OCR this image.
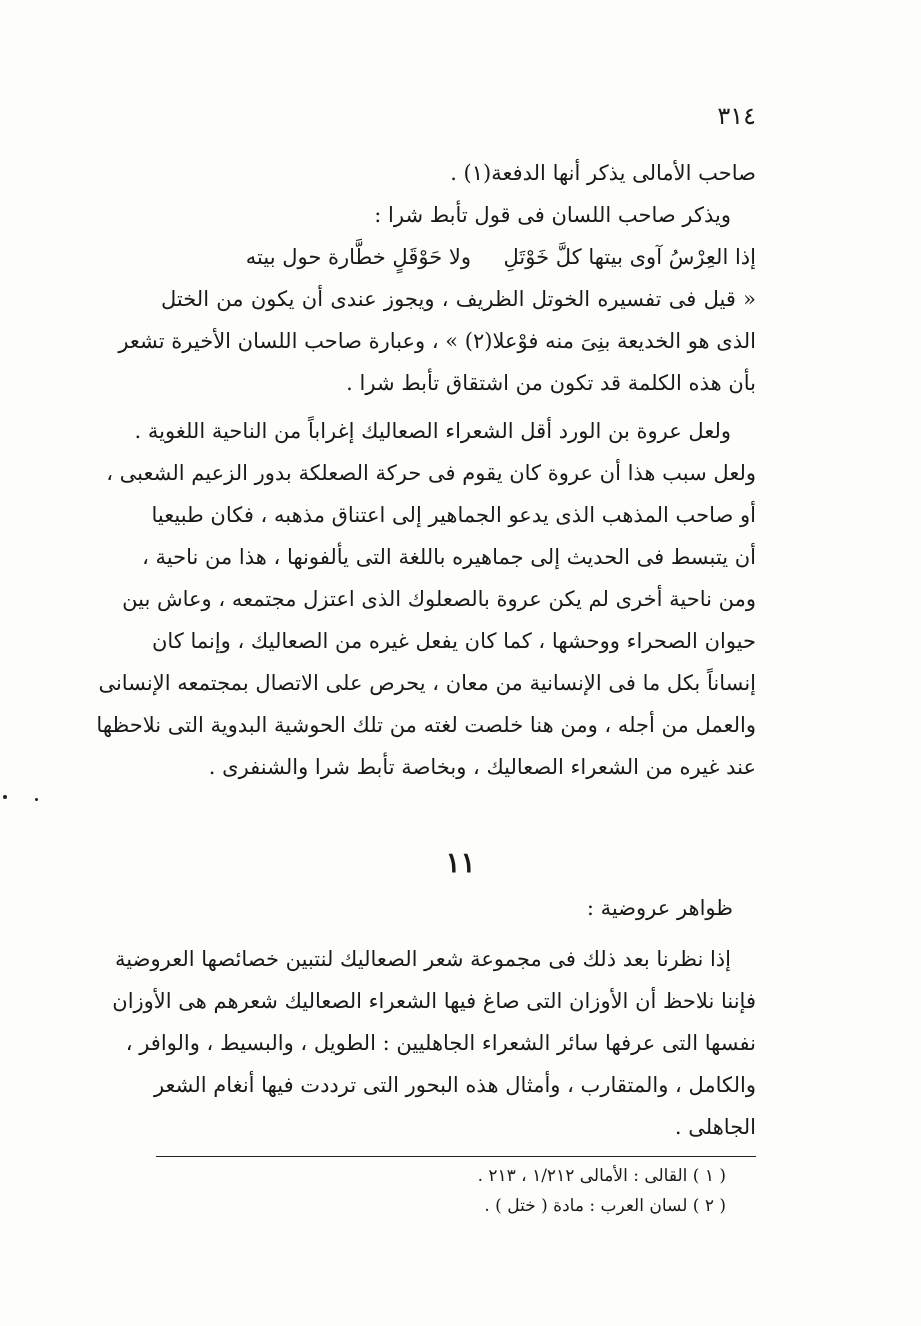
٣١٤
صاحب الأمالى يذكر أنها الدفعة(١) .
ويذكر صاحب اللسان فى قول تأبط شرا :
إذا العِرْسُ آوى بيتها كلَّ خَوْتَلِ
ولا حَوْقَلٍ خطَّارة حول بيته
« قيل فى تفسيره الخوتل الظريف ، ويجوز عندى أن يكون من الختل
الذى هو الخديعة بنِىَ منه فوْعلا(٢) » ، وعبارة صاحب اللسان الأخيرة تشعر
بأن هذه الكلمة قد تكون من اشتقاق تأبط شرا .
ولعل عروة بن الورد أقل الشعراء الصعاليك إغراباً من الناحية اللغوية .
ولعل سبب هذا أن عروة كان يقوم فى حركة الصعلكة بدور الزعيم الشعبى ،
أو صاحب المذهب الذى يدعو الجماهير إلى اعتناق مذهبه ، فكان طبيعيا
أن يتبسط فى الحديث إلى جماهيره باللغة التى يألفونها ، هذا من ناحية ،
ومن ناحية أخرى لم يكن عروة بالصعلوك الذى اعتزل مجتمعه ، وعاش بين
حيوان الصحراء ووحشها ، كما كان يفعل غيره من الصعاليك ، وإنما كان
إنساناً بكل ما فى الإنسانية من معان ، يحرص على الاتصال بمجتمعه الإنسانى
والعمل من أجله ، ومن هنا خلصت لغته من تلك الحوشية البدوية التى نلاحظها
عند غيره من الشعراء الصعاليك ، وبخاصة تأبط شرا والشنفرى .
١١
ظواهر عروضية :
إذا نظرنا بعد ذلك فى مجموعة شعر الصعاليك لنتبين خصائصها العروضية
فإننا نلاحظ أن الأوزان التى صاغ فيها الشعراء الصعاليك شعرهم هى الأوزان
نفسها التى عرفها سائر الشعراء الجاهليين : الطويل ، والبسيط ، والوافر ،
والكامل ، والمتقارب ، وأمثال هذه البحور التى ترددت فيها أنغام الشعر
الجاهلى .
( ١ ) القالى : الأمالى ١/٢١٢ ، ٢١٣ .
( ٢ ) لسان العرب : مادة ( ختل ) .
